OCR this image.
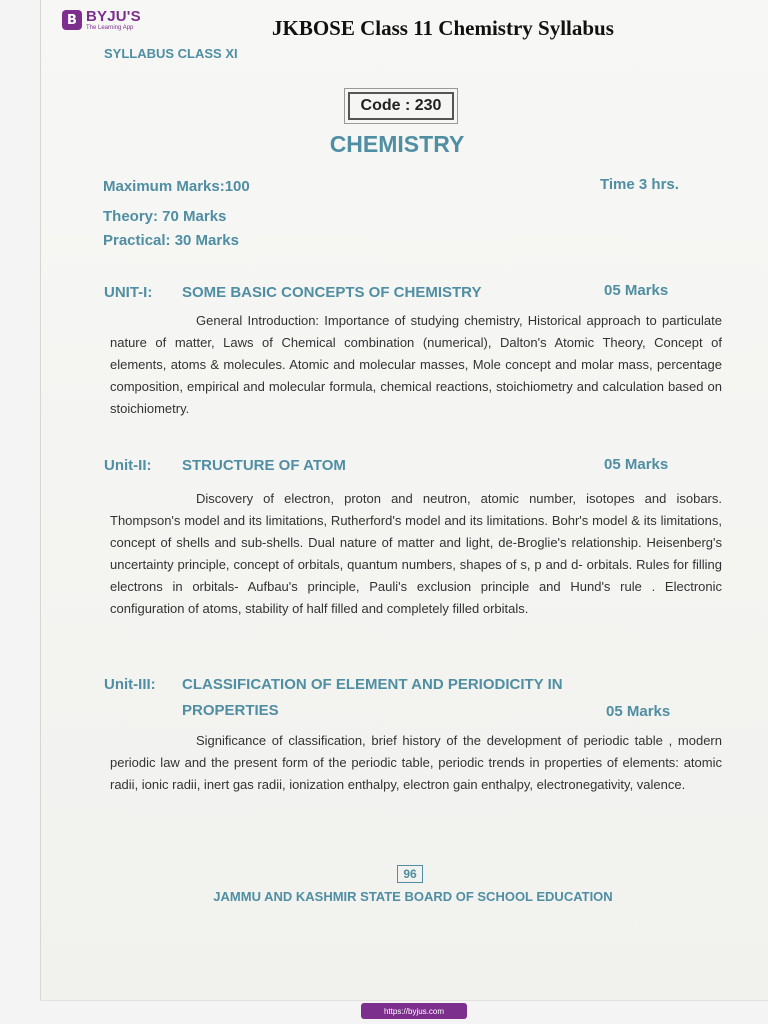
B BYJU'S
The Learning App	JKBOSE Class 11 Chemistry Syllabus
SYLLABUS CLASS XI
Code : 230
CHEMISTRY
Maximum Marks:100	Time 3 hrs.
Theory: 70 Marks
Practical: 30 Marks
UNIT-I: SOME BASIC CONCEPTS OF CHEMISTRY	05 Marks
General Introduction: Importance of studying chemistry, Historical approach to particulate nature of matter, Laws of Chemical combination (numerical), Dalton's Atomic Theory, Concept of elements, atoms & molecules. Atomic and molecular masses, Mole concept and molar mass, percentage composition, empirical and molecular formula, chemical reactions, stoichiometry and calculation based on stoichiometry.
Unit-II: STRUCTURE OF ATOM	05 Marks
Discovery of electron, proton and neutron, atomic number, isotopes and isobars. Thompson's model and its limitations, Rutherford's model and its limitations. Bohr's model & its limitations, concept of shells and sub-shells. Dual nature of matter and light, de-Broglie's relationship. Heisenberg's uncertainty principle, concept of orbitals, quantum numbers, shapes of s, p and d- orbitals. Rules for filling electrons in orbitals- Aufbau's principle, Pauli's exclusion principle and Hund's rule . Electronic configuration of atoms, stability of half filled and completely filled orbitals.
Unit-III: CLASSIFICATION OF ELEMENT AND PERIODICITY IN
PROPERTIES	05 Marks
Significance of classification, brief history of the development of periodic table , modern periodic law and the present form of the periodic table, periodic trends in properties of elements: atomic radii, ionic radii, inert gas radii, ionization enthalpy, electron gain enthalpy, electronegativity, valence.
96
JAMMU AND KASHMIR STATE BOARD OF SCHOOL EDUCATION
https://byjus.com
